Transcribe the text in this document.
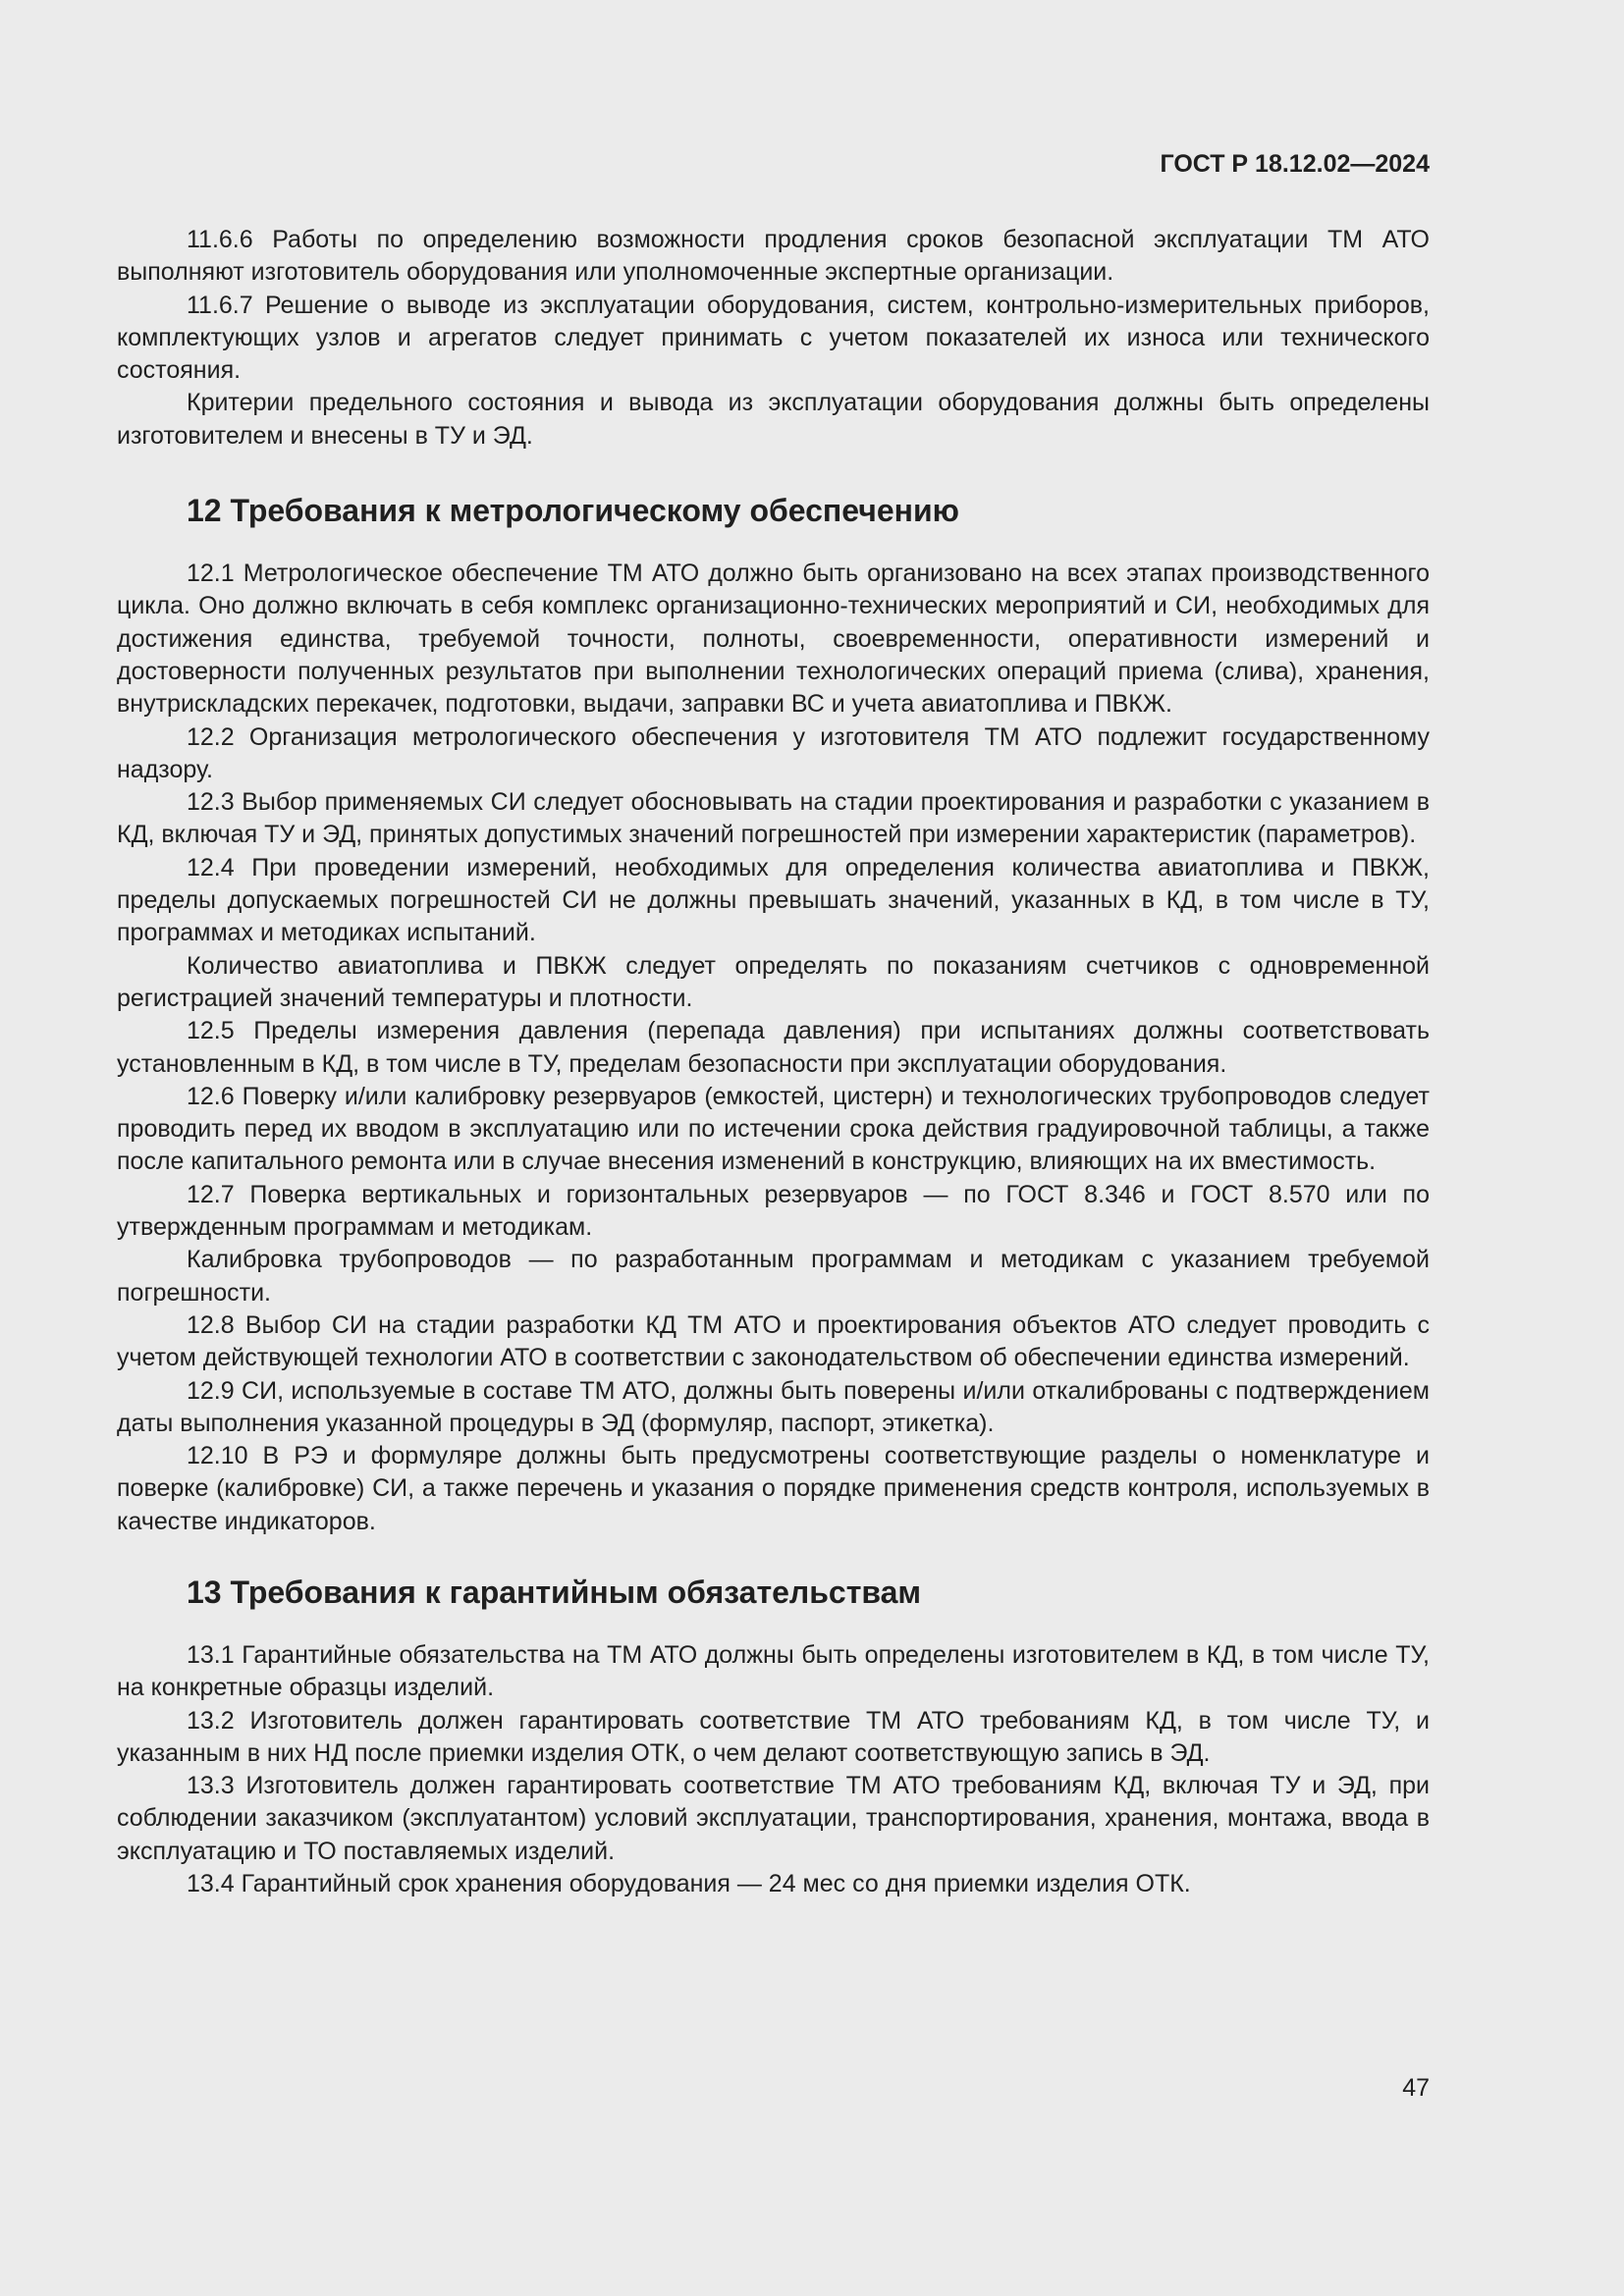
ГОСТ Р 18.12.02—2024

11.6.6 Работы по определению возможности продления сроков безопасной эксплуатации ТМ АТО выполняют изготовитель оборудования или уполномоченные экспертные организации.

11.6.7 Решение о выводе из эксплуатации оборудования, систем, контрольно-измерительных приборов, комплектующих узлов и агрегатов следует принимать с учетом показателей их износа или технического состояния.

Критерии предельного состояния и вывода из эксплуатации оборудования должны быть определены изготовителем и внесены в ТУ и ЭД.

12 Требования к метрологическому обеспечению

12.1 Метрологическое обеспечение ТМ АТО должно быть организовано на всех этапах производственного цикла. Оно должно включать в себя комплекс организационно-технических мероприятий и СИ, необходимых для достижения единства, требуемой точности, полноты, своевременности, оперативности измерений и достоверности полученных результатов при выполнении технологических операций приема (слива), хранения, внутрискладских перекачек, подготовки, выдачи, заправки ВС и учета авиатоплива и ПВКЖ.

12.2 Организация метрологического обеспечения у изготовителя ТМ АТО подлежит государственному надзору.

12.3 Выбор применяемых СИ следует обосновывать на стадии проектирования и разработки с указанием в КД, включая ТУ и ЭД, принятых допустимых значений погрешностей при измерении характеристик (параметров).

12.4 При проведении измерений, необходимых для определения количества авиатоплива и ПВКЖ, пределы допускаемых погрешностей СИ не должны превышать значений, указанных в КД, в том числе в ТУ, программах и методиках испытаний.

Количество авиатоплива и ПВКЖ следует определять по показаниям счетчиков с одновременной регистрацией значений температуры и плотности.

12.5 Пределы измерения давления (перепада давления) при испытаниях должны соответствовать установленным в КД, в том числе в ТУ, пределам безопасности при эксплуатации оборудования.

12.6 Поверку и/или калибровку резервуаров (емкостей, цистерн) и технологических трубопроводов следует проводить перед их вводом в эксплуатацию или по истечении срока действия градуировочной таблицы, а также после капитального ремонта или в случае внесения изменений в конструкцию, влияющих на их вместимость.

12.7 Поверка вертикальных и горизонтальных резервуаров — по ГОСТ 8.346 и ГОСТ 8.570 или по утвержденным программам и методикам.

Калибровка трубопроводов — по разработанным программам и методикам с указанием требуемой погрешности.

12.8 Выбор СИ на стадии разработки КД ТМ АТО и проектирования объектов АТО следует проводить с учетом действующей технологии АТО в соответствии с законодательством об обеспечении единства измерений.

12.9 СИ, используемые в составе ТМ АТО, должны быть поверены и/или откалиброваны с подтверждением даты выполнения указанной процедуры в ЭД (формуляр, паспорт, этикетка).

12.10 В РЭ и формуляре должны быть предусмотрены соответствующие разделы о номенклатуре и поверке (калибровке) СИ, а также перечень и указания о порядке применения средств контроля, используемых в качестве индикаторов.

13 Требования к гарантийным обязательствам

13.1 Гарантийные обязательства на ТМ АТО должны быть определены изготовителем в КД, в том числе ТУ, на конкретные образцы изделий.

13.2 Изготовитель должен гарантировать соответствие ТМ АТО требованиям КД, в том числе ТУ, и указанным в них НД после приемки изделия ОТК, о чем делают соответствующую запись в ЭД.

13.3 Изготовитель должен гарантировать соответствие ТМ АТО требованиям КД, включая ТУ и ЭД, при соблюдении заказчиком (эксплуатантом) условий эксплуатации, транспортирования, хранения, монтажа, ввода в эксплуатацию и ТО поставляемых изделий.

13.4 Гарантийный срок хранения оборудования — 24 мес со дня приемки изделия ОТК.

47
